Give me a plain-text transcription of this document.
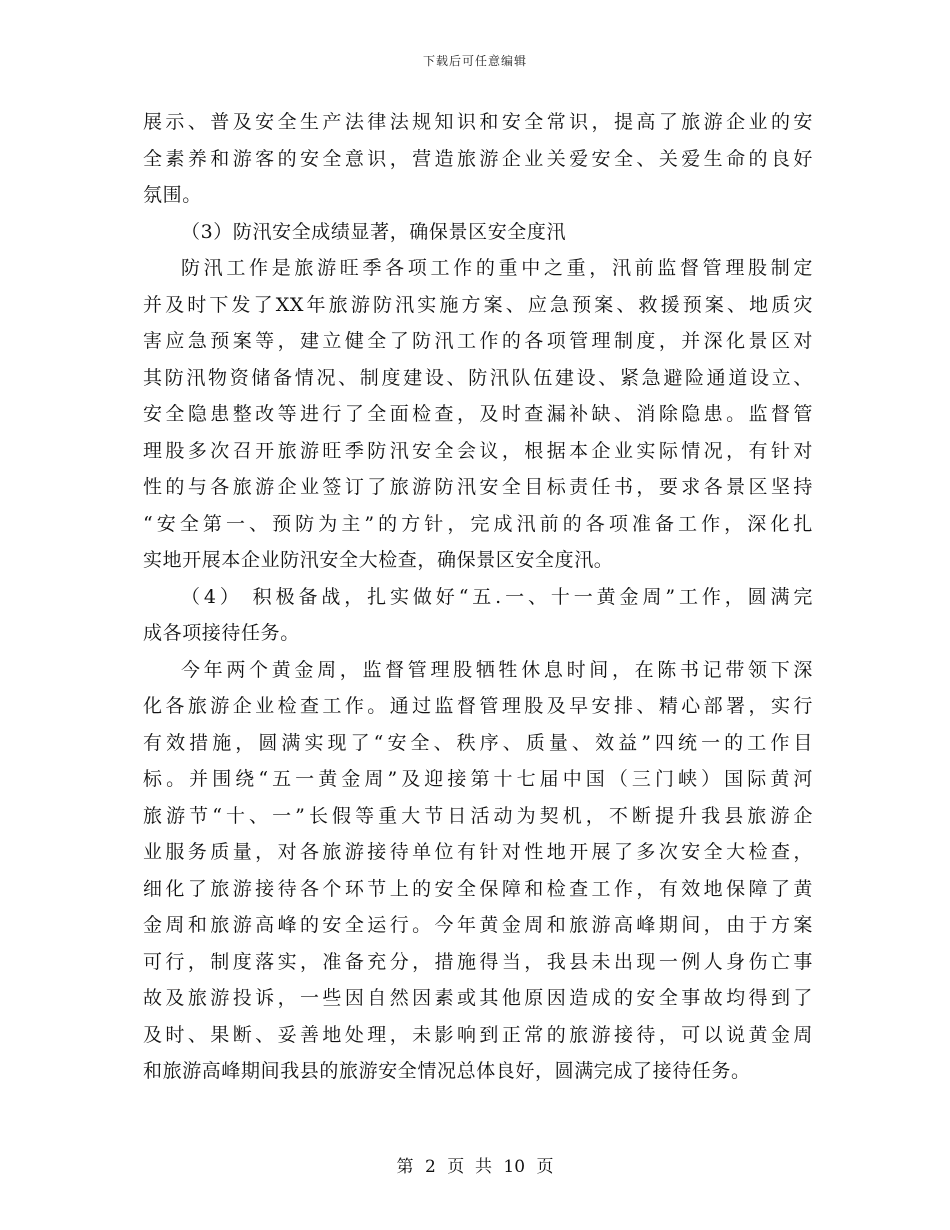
下载后可任意编辑
展示、普及安全生产法律法规知识和安全常识，提高了旅游企业的安
全素养和游客的安全意识，营造旅游企业关爱安全、关爱生命的良好
氛围。
（3）防汛安全成绩显著，确保景区安全度汛
防汛工作是旅游旺季各项工作的重中之重，汛前监督管理股制定
并及时下发了XX年旅游防汛实施方案、应急预案、救援预案、地质灾
害应急预案等，建立健全了防汛工作的各项管理制度，并深化景区对
其防汛物资储备情况、制度建设、防汛队伍建设、紧急避险通道设立、
安全隐患整改等进行了全面检查，及时查漏补缺、消除隐患。监督管
理股多次召开旅游旺季防汛安全会议，根据本企业实际情况，有针对
性的与各旅游企业签订了旅游防汛安全目标责任书，要求各景区坚持
“安全第一、预防为主”的方针，完成汛前的各项准备工作，深化扎
实地开展本企业防汛安全大检查，确保景区安全度汛。
（4） 积极备战，扎实做好“五.一、十一黄金周”工作，圆满完
成各项接待任务。
今年两个黄金周，监督管理股牺牲休息时间，在陈书记带领下深
化各旅游企业检查工作。通过监督管理股及早安排、精心部署，实行
有效措施，圆满实现了“安全、秩序、质量、效益”四统一的工作目
标。并围绕“五一黄金周”及迎接第十七届中国（三门峡）国际黄河
旅游节“十、一”长假等重大节日活动为契机，不断提升我县旅游企
业服务质量，对各旅游接待单位有针对性地开展了多次安全大检查，
细化了旅游接待各个环节上的安全保障和检查工作，有效地保障了黄
金周和旅游高峰的安全运行。今年黄金周和旅游高峰期间，由于方案
可行，制度落实，准备充分，措施得当，我县未出现一例人身伤亡事
故及旅游投诉，一些因自然因素或其他原因造成的安全事故均得到了
及时、果断、妥善地处理，未影响到正常的旅游接待，可以说黄金周
和旅游高峰期间我县的旅游安全情况总体良好，圆满完成了接待任务。
第 2 页  共 10 页
